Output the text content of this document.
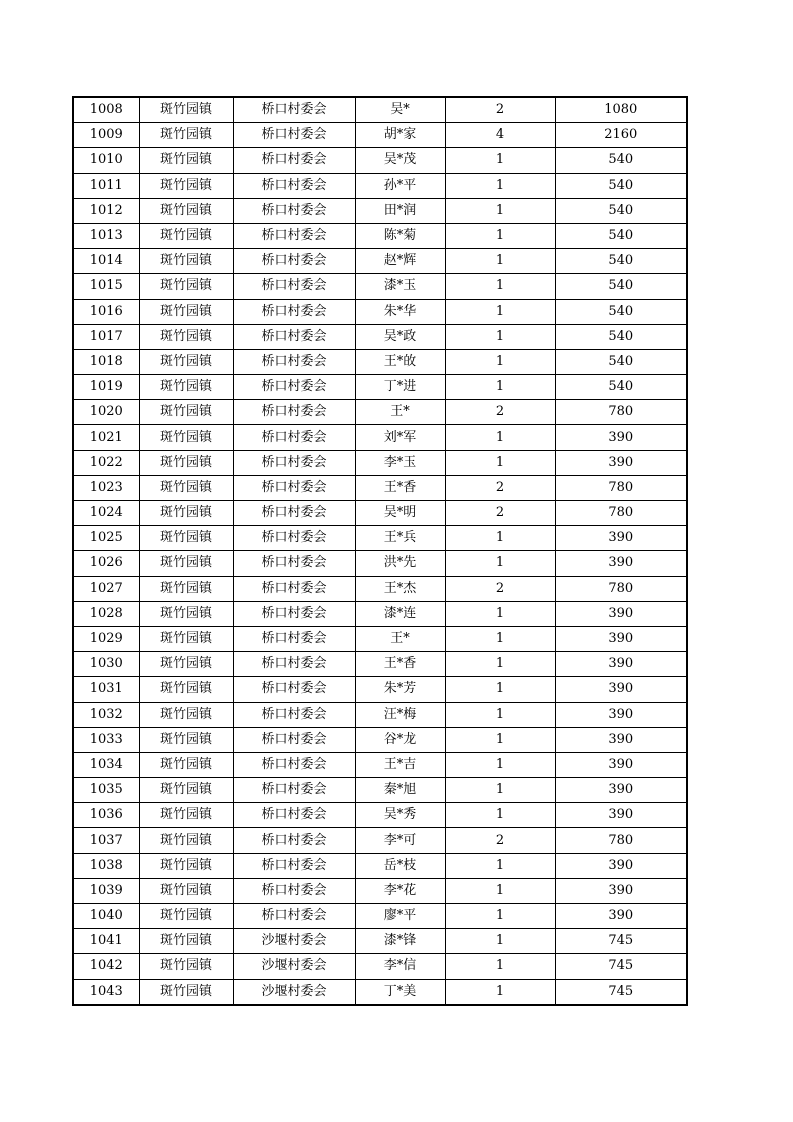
1008	斑竹园镇	桥口村委会	吴*	2	1080
1009	斑竹园镇	桥口村委会	胡*家	4	2160
1010	斑竹园镇	桥口村委会	吴*茂	1	540
1011	斑竹园镇	桥口村委会	孙*平	1	540
1012	斑竹园镇	桥口村委会	田*润	1	540
1013	斑竹园镇	桥口村委会	陈*菊	1	540
1014	斑竹园镇	桥口村委会	赵*辉	1	540
1015	斑竹园镇	桥口村委会	漆*玉	1	540
1016	斑竹园镇	桥口村委会	朱*华	1	540
1017	斑竹园镇	桥口村委会	吴*政	1	540
1018	斑竹园镇	桥口村委会	王*敀	1	540
1019	斑竹园镇	桥口村委会	丁*进	1	540
1020	斑竹园镇	桥口村委会	王*	2	780
1021	斑竹园镇	桥口村委会	刘*军	1	390
1022	斑竹园镇	桥口村委会	李*玉	1	390
1023	斑竹园镇	桥口村委会	王*香	2	780
1024	斑竹园镇	桥口村委会	吴*明	2	780
1025	斑竹园镇	桥口村委会	王*兵	1	390
1026	斑竹园镇	桥口村委会	洪*先	1	390
1027	斑竹园镇	桥口村委会	王*杰	2	780
1028	斑竹园镇	桥口村委会	漆*连	1	390
1029	斑竹园镇	桥口村委会	王*	1	390
1030	斑竹园镇	桥口村委会	王*香	1	390
1031	斑竹园镇	桥口村委会	朱*芳	1	390
1032	斑竹园镇	桥口村委会	汪*梅	1	390
1033	斑竹园镇	桥口村委会	谷*龙	1	390
1034	斑竹园镇	桥口村委会	王*吉	1	390
1035	斑竹园镇	桥口村委会	秦*旭	1	390
1036	斑竹园镇	桥口村委会	吴*秀	1	390
1037	斑竹园镇	桥口村委会	李*可	2	780
1038	斑竹园镇	桥口村委会	岳*枝	1	390
1039	斑竹园镇	桥口村委会	李*花	1	390
1040	斑竹园镇	桥口村委会	廖*平	1	390
1041	斑竹园镇	沙堰村委会	漆*锋	1	745
1042	斑竹园镇	沙堰村委会	李*信	1	745
1043	斑竹园镇	沙堰村委会	丁*美	1	745
